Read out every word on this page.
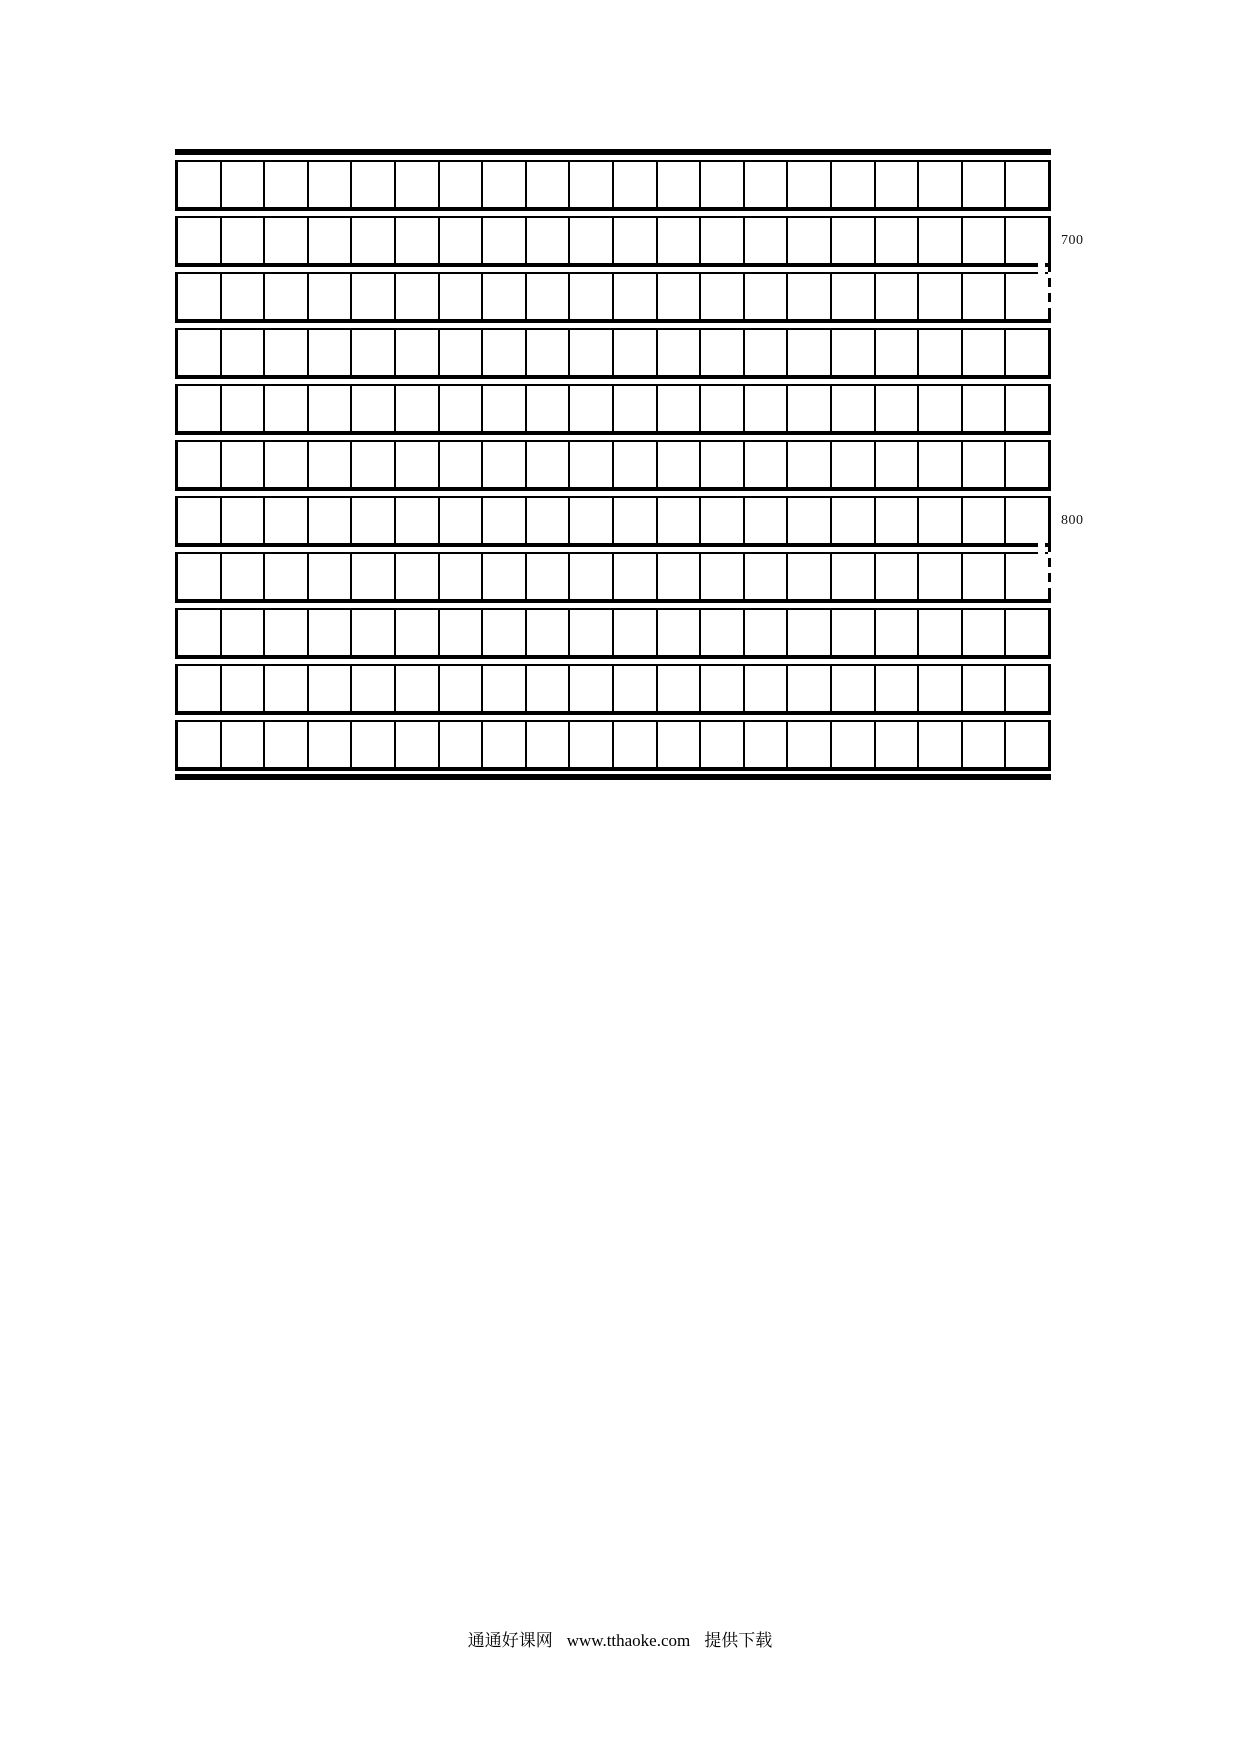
700
800
通通好课网 www.tthaoke.com 提供下载
